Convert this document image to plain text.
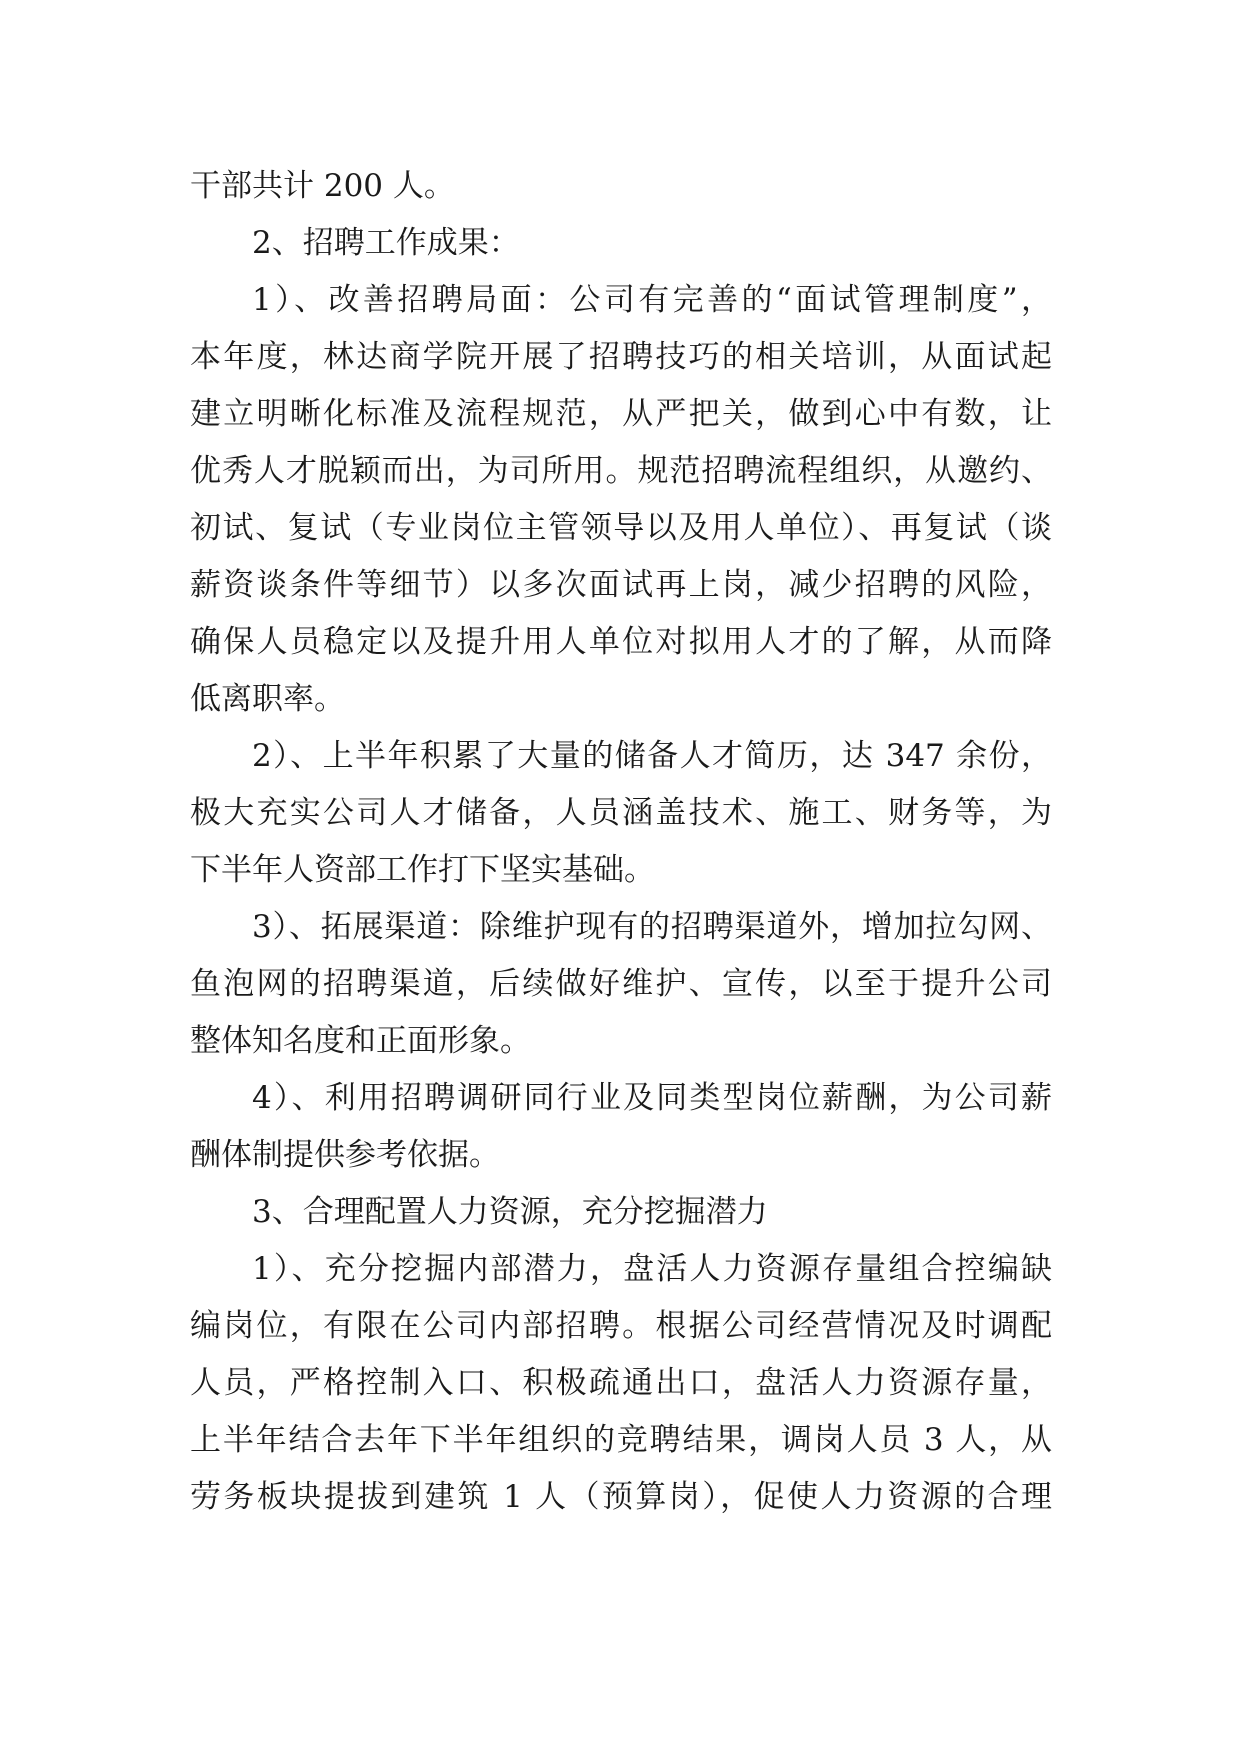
干部共计 200 人。
2、招聘工作成果：
1）、改善招聘局面：公司有完善的“面试管理制度”，
本年度，林达商学院开展了招聘技巧的相关培训，从面试起
建立明晰化标准及流程规范，从严把关，做到心中有数，让
优秀人才脱颖而出，为司所用。规范招聘流程组织，从邀约、
初试、复试（专业岗位主管领导以及用人单位）、再复试（谈
薪资谈条件等细节）以多次面试再上岗，减少招聘的风险，
确保人员稳定以及提升用人单位对拟用人才的了解，从而降
低离职率。
2）、上半年积累了大量的储备人才简历，达 347 余份，
极大充实公司人才储备，人员涵盖技术、施工、财务等，为
下半年人资部工作打下坚实基础。
3）、拓展渠道：除维护现有的招聘渠道外，增加拉勾网、
鱼泡网的招聘渠道，后续做好维护、宣传，以至于提升公司
整体知名度和正面形象。
4）、利用招聘调研同行业及同类型岗位薪酬，为公司薪
酬体制提供参考依据。
3、合理配置人力资源，充分挖掘潜力
1）、充分挖掘内部潜力，盘活人力资源存量组合控编缺
编岗位，有限在公司内部招聘。根据公司经营情况及时调配
人员，严格控制入口、积极疏通出口，盘活人力资源存量，
上半年结合去年下半年组织的竞聘结果，调岗人员 3 人，从
劳务板块提拔到建筑 1 人（预算岗），促使人力资源的合理
